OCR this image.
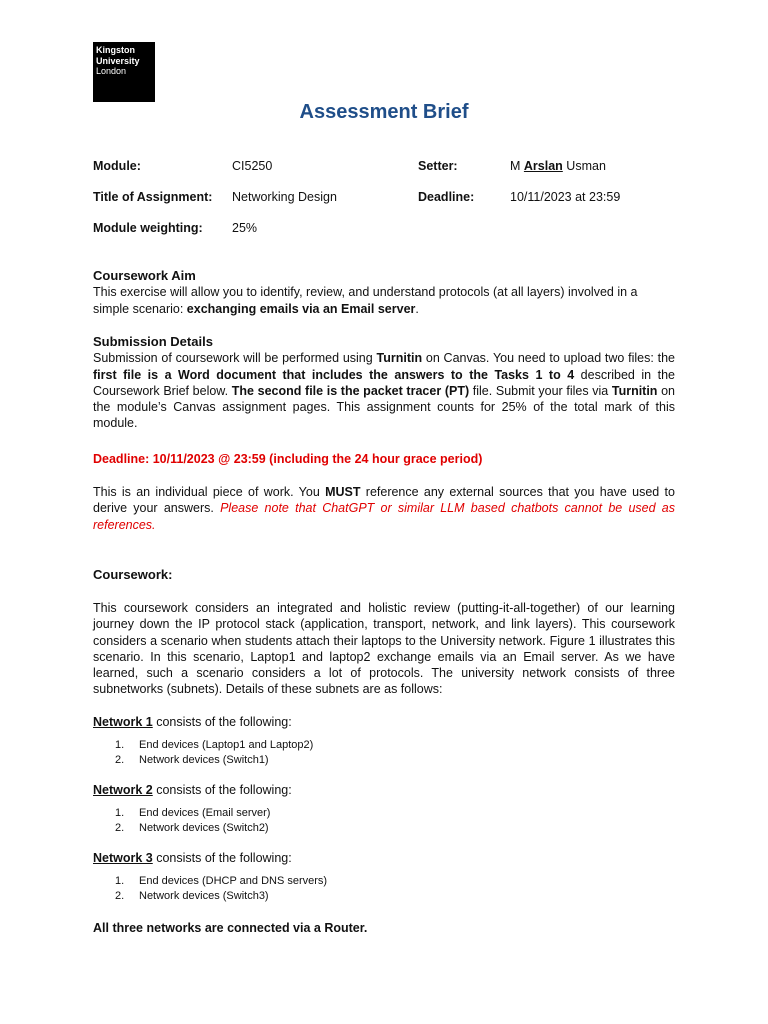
Kingston
University
London
Assessment Brief
Module:	CI5250	Setter:	M Arslan Usman
Title of Assignment: Networking Design	Deadline:	10/11/2023 at 23:59
Module weighting: 25%
Coursework Aim
This exercise will allow you to identify, review, and understand protocols (at all layers) involved in a simple scenario: exchanging emails via an Email server.
Submission Details
Submission of coursework will be performed using Turnitin on Canvas. You need to upload two files: the first file is a Word document that includes the answers to the Tasks 1 to 4 described in the Coursework Brief below. The second file is the packet tracer (PT) file. Submit your files via Turnitin on the module’s Canvas assignment pages. This assignment counts for 25% of the total mark of this module.
Deadline: 10/11/2023 @ 23:59 (including the 24 hour grace period)
This is an individual piece of work. You MUST reference any external sources that you have used to derive your answers. Please note that ChatGPT or similar LLM based chatbots cannot be used as references.
Coursework:
This coursework considers an integrated and holistic review (putting-it-all-together) of our learning journey down the IP protocol stack (application, transport, network, and link layers). This coursework considers a scenario when students attach their laptops to the University network. Figure 1 illustrates this scenario. In this scenario, Laptop1 and laptop2 exchange emails via an Email server. As we have learned, such a scenario considers a lot of protocols. The university network consists of three subnetworks (subnets). Details of these subnets are as follows:
Network 1 consists of the following:
1. End devices (Laptop1 and Laptop2)
2. Network devices (Switch1)
Network 2 consists of the following:
1. End devices (Email server)
2. Network devices (Switch2)
Network 3 consists of the following:
1. End devices (DHCP and DNS servers)
2. Network devices (Switch3)
All three networks are connected via a Router.
